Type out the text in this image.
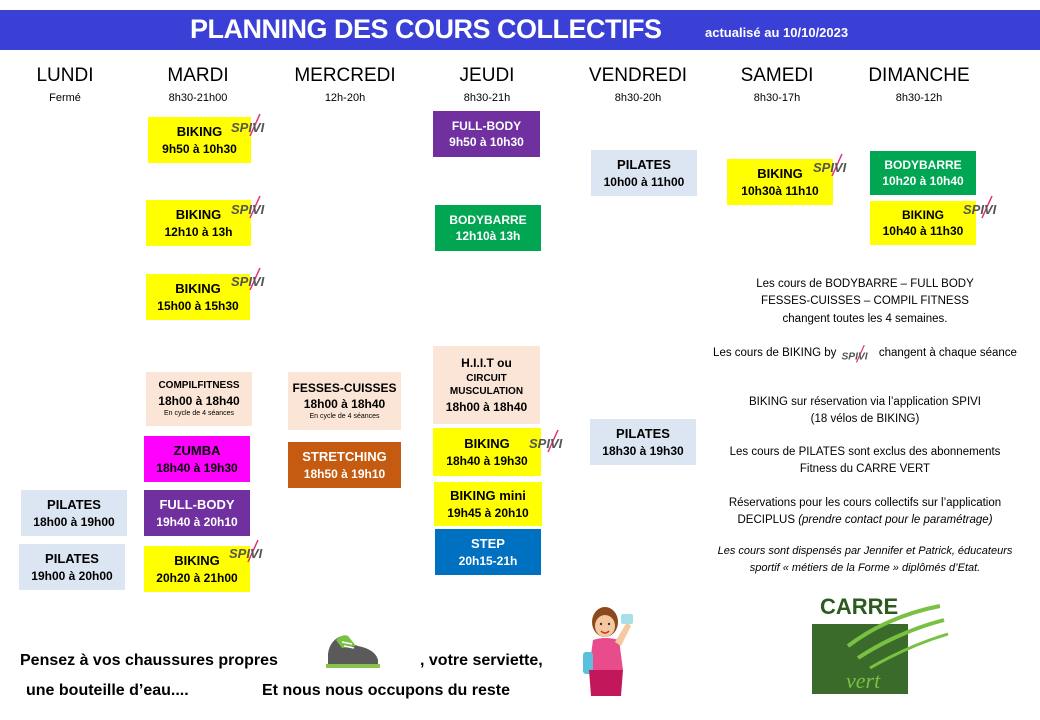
PLANNING DES COURS COLLECTIFS	actualisé au 10/10/2023
LUNDI
Fermé
MARDI
8h30-21h00
MERCREDI
12h-20h
JEUDI
8h30-21h
VENDREDI
8h30-20h
SAMEDI
8h30-17h
DIMANCHE
8h30-12h
PILATES
18h00 à 19h00
PILATES
19h00 à 20h00
BIKING
9h50 à 10h30
BIKING
12h10 à 13h
BIKING
15h00 à 15h30
COMPILFITNESS
18h00 à 18h40
En cycle de 4 séances
ZUMBA
18h40 à 19h30
FULL-BODY
19h40 à 20h10
BIKING
20h20 à 21h00
FESSES-CUISSES
18h00 à 18h40
En cycle de 4 séances
STRETCHING
18h50 à 19h10
FULL-BODY
9h50 à 10h30
BODYBARRE
12h10à 13h
H.I.I.T ou
CIRCUIT
MUSCULATION
18h00 à 18h40
BIKING
18h40 à 19h30
BIKING mini
19h45 à 20h10
STEP
20h15-21h
PILATES
10h00 à 11h00
PILATES
18h30 à 19h30
BIKING
10h30à 11h10
BODYBARRE
10h20 à 10h40
BIKING
10h40 à 11h30
SPIVI
SPIVI
SPIVI
SPIVI
SPIVI
SPIVI
SPIVI
Les cours de BODYBARRE – FULL BODY
FESSES-CUISSES – COMPIL FITNESS
changent toutes les 4 semaines.
Les cours de BIKING by SPIVI changent à chaque séance
BIKING sur réservation via l’application SPIVI
(18 vélos de BIKING)
Les cours de PILATES sont exclus des abonnements
Fitness du CARRE VERT
Réservations pour les cours collectifs sur l’application
DECIPLUS (prendre contact pour le paramétrage)
Les cours sont dispensés par Jennifer et Patrick, éducateurs
sportif « métiers de la Forme » diplômés d’Etat.
Pensez à vos chaussures propres	, votre serviette,
une bouteille d’eau....	Et nous nous occupons du reste
CARRE
vert
